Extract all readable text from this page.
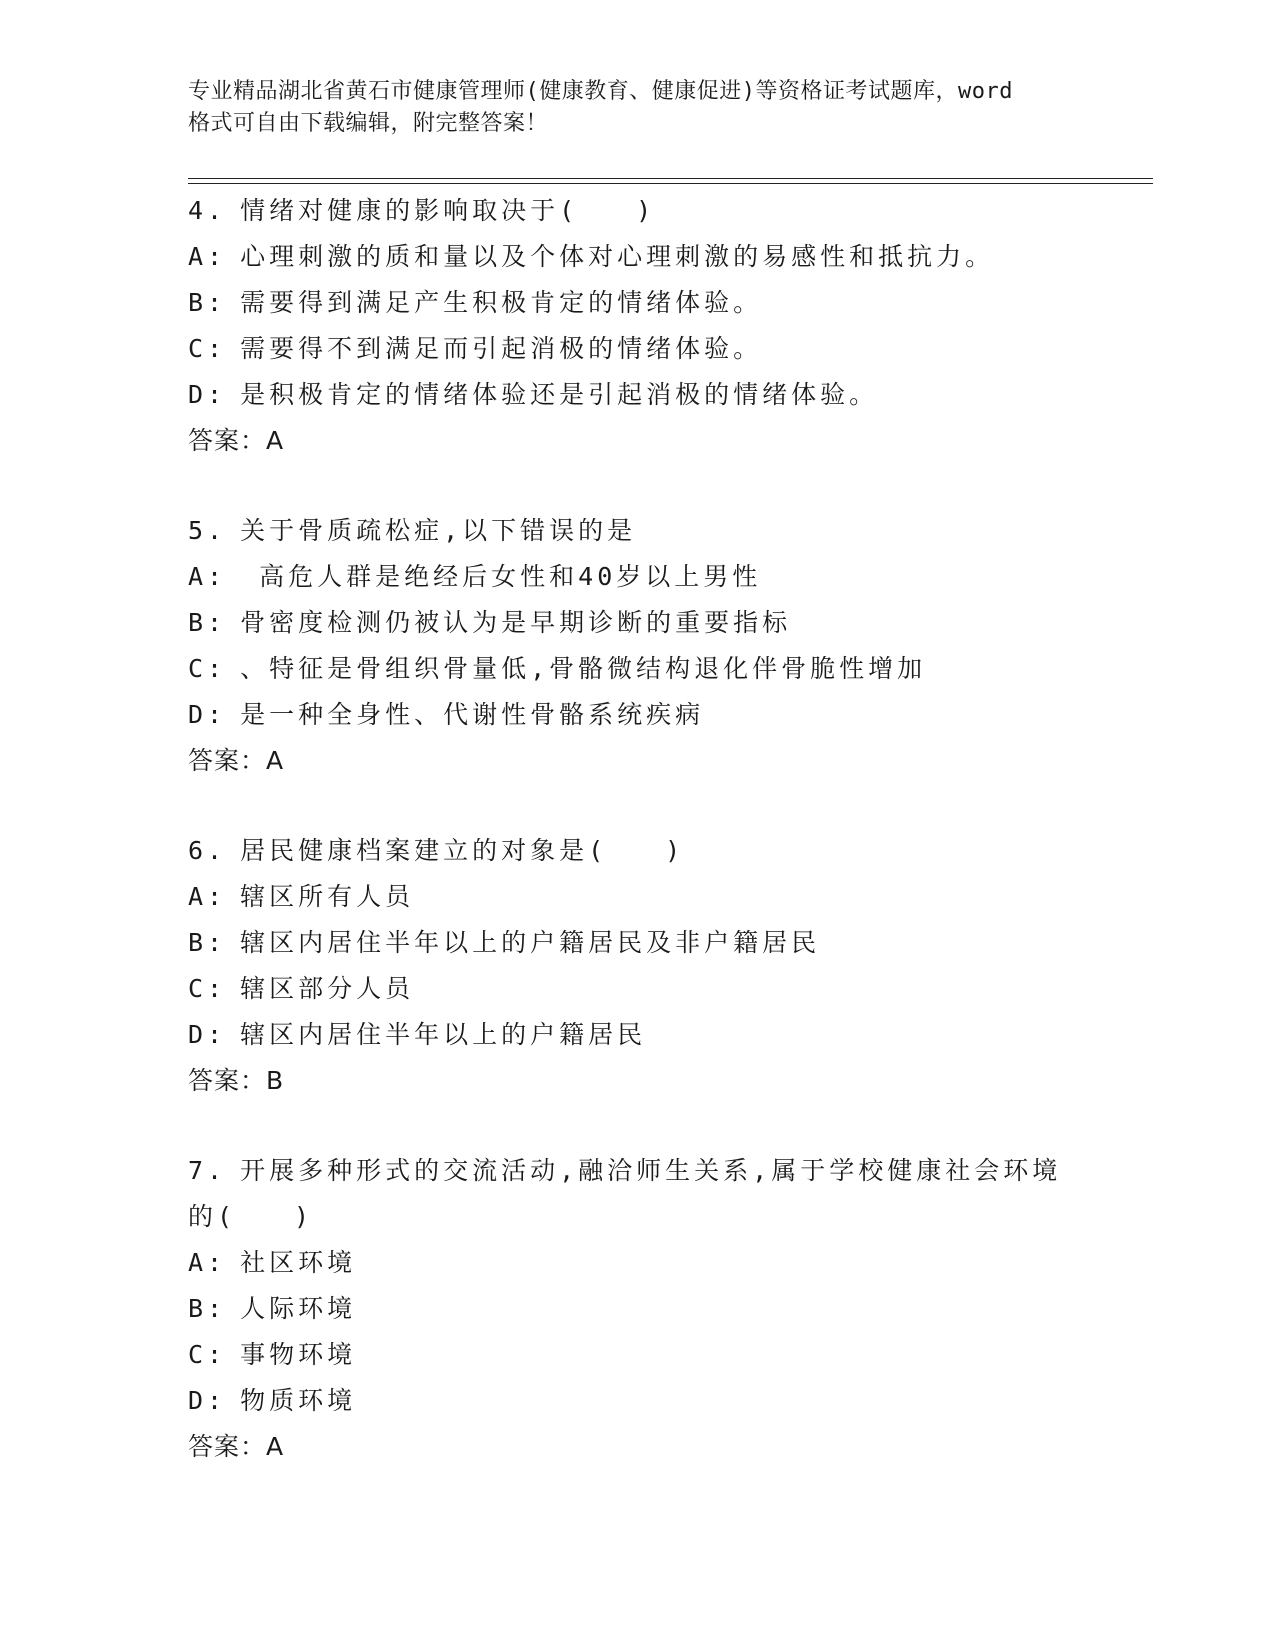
专业精品湖北省黄石市健康管理师(健康教育、健康促进)等资格证考试题库，word
格式可自由下载编辑，附完整答案！
4. 情绪对健康的影响取决于(　　)
A: 心理刺激的质和量以及个体对心理刺激的易感性和抵抗力。
B: 需要得到满足产生积极肯定的情绪体验。
C: 需要得不到满足而引起消极的情绪体验。
D: 是积极肯定的情绪体验还是引起消极的情绪体验。
答案：A
5. 关于骨质疏松症,以下错误的是
A: 高危人群是绝经后女性和40岁以上男性
B: 骨密度检测仍被认为是早期诊断的重要指标
C: 、特征是骨组织骨量低,骨骼微结构退化伴骨脆性增加
D: 是一种全身性、代谢性骨骼系统疾病
答案：A
6. 居民健康档案建立的对象是(　　)
A: 辖区所有人员
B: 辖区内居住半年以上的户籍居民及非户籍居民
C: 辖区部分人员
D: 辖区内居住半年以上的户籍居民
答案：B
7. 开展多种形式的交流活动,融洽师生关系,属于学校健康社会环境的(　　)
A: 社区环境
B: 人际环境
C: 事物环境
D: 物质环境
答案：A
